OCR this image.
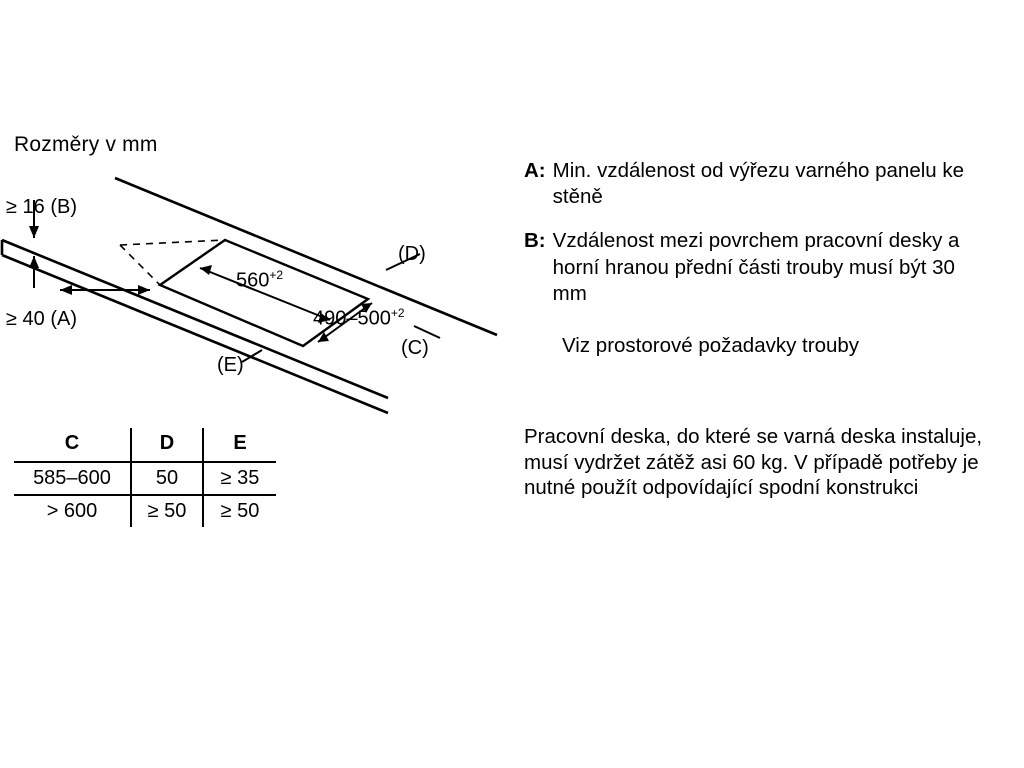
Rozměry v mm
≥ 16 (B)
≥ 40 (A)
$560^{+2}$
$490-500^{+2}$
(D)
(C)
(E)
C	D	E
585–600	50	≥ 35
> 600	≥ 50	≥ 50
A: Min. vzdálenost od výřezu varného panelu ke stěně
B: Vzdálenost mezi povrchem pracovní desky a horní hranou přední části trouby musí být 30 mm
Viz prostorové požadavky trouby
Pracovní deska, do které se varná deska instaluje, musí vydržet zátěž asi 60 kg. V případě potřeby je nutné použít odpovídající spodní konstrukci
